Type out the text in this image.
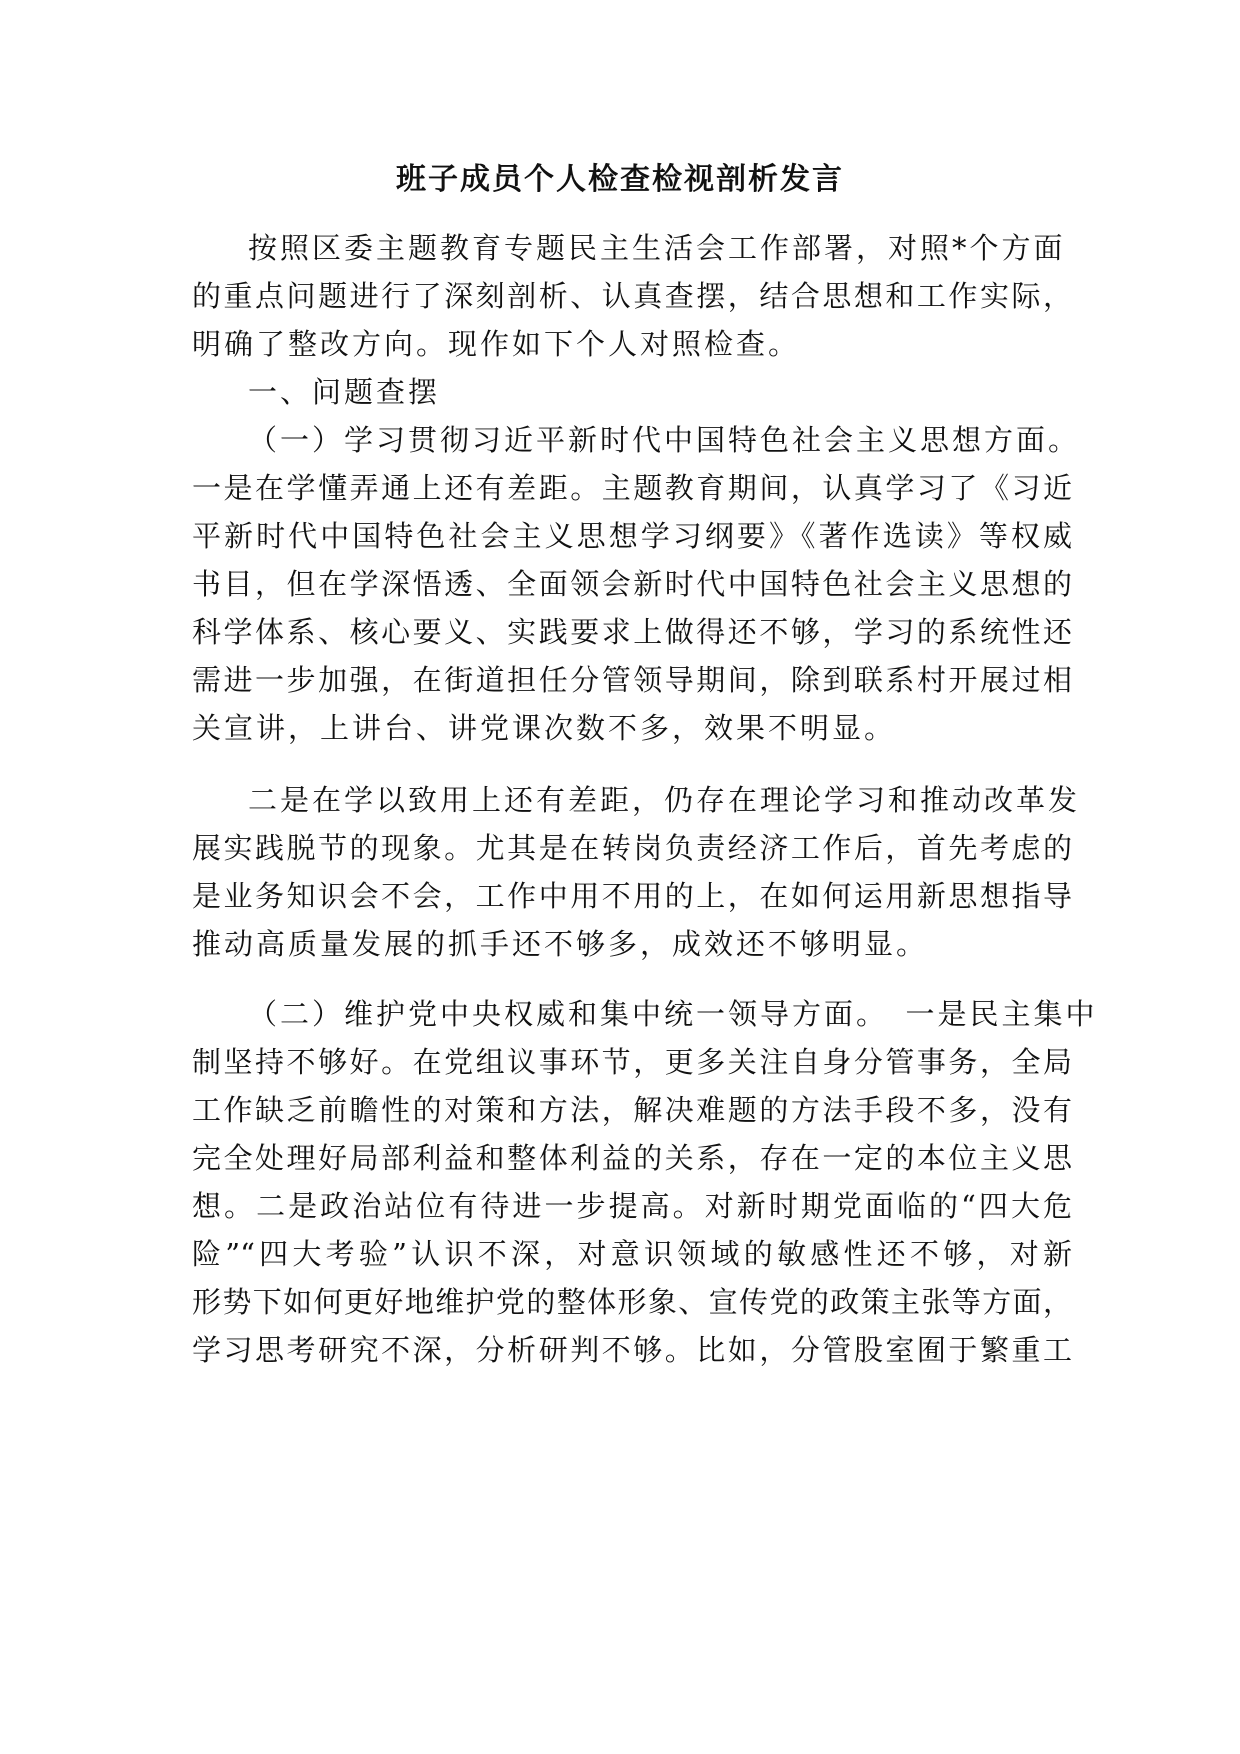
班子成员个人检查检视剖析发言
按照区委主题教育专题民主生活会工作部署，对照*个方面
的重点问题进行了深刻剖析、认真查摆，结合思想和工作实际，
明确了整改方向。现作如下个人对照检查。
一、问题查摆
（一）学习贯彻习近平新时代中国特色社会主义思想方面。
一是在学懂弄通上还有差距。主题教育期间，认真学习了《习近
平新时代中国特色社会主义思想学习纲要》《著作选读》等权威
书目，但在学深悟透、全面领会新时代中国特色社会主义思想的
科学体系、核心要义、实践要求上做得还不够，学习的系统性还
需进一步加强，在街道担任分管领导期间，除到联系村开展过相
关宣讲，上讲台、讲党课次数不多，效果不明显。
二是在学以致用上还有差距，仍存在理论学习和推动改革发
展实践脱节的现象。尤其是在转岗负责经济工作后，首先考虑的
是业务知识会不会，工作中用不用的上，在如何运用新思想指导
推动高质量发展的抓手还不够多，成效还不够明显。
（二）维护党中央权威和集中统一领导方面。　一是民主集中
制坚持不够好。在党组议事环节，更多关注自身分管事务，全局
工作缺乏前瞻性的对策和方法，解决难题的方法手段不多，没有
完全处理好局部利益和整体利益的关系，存在一定的本位主义思
想。二是政治站位有待进一步提高。对新时期党面临的“四大危
险”“四大考验”认识不深，对意识领域的敏感性还不够，对新
形势下如何更好地维护党的整体形象、宣传党的政策主张等方面，
学习思考研究不深，分析研判不够。比如，分管股室囿于繁重工
